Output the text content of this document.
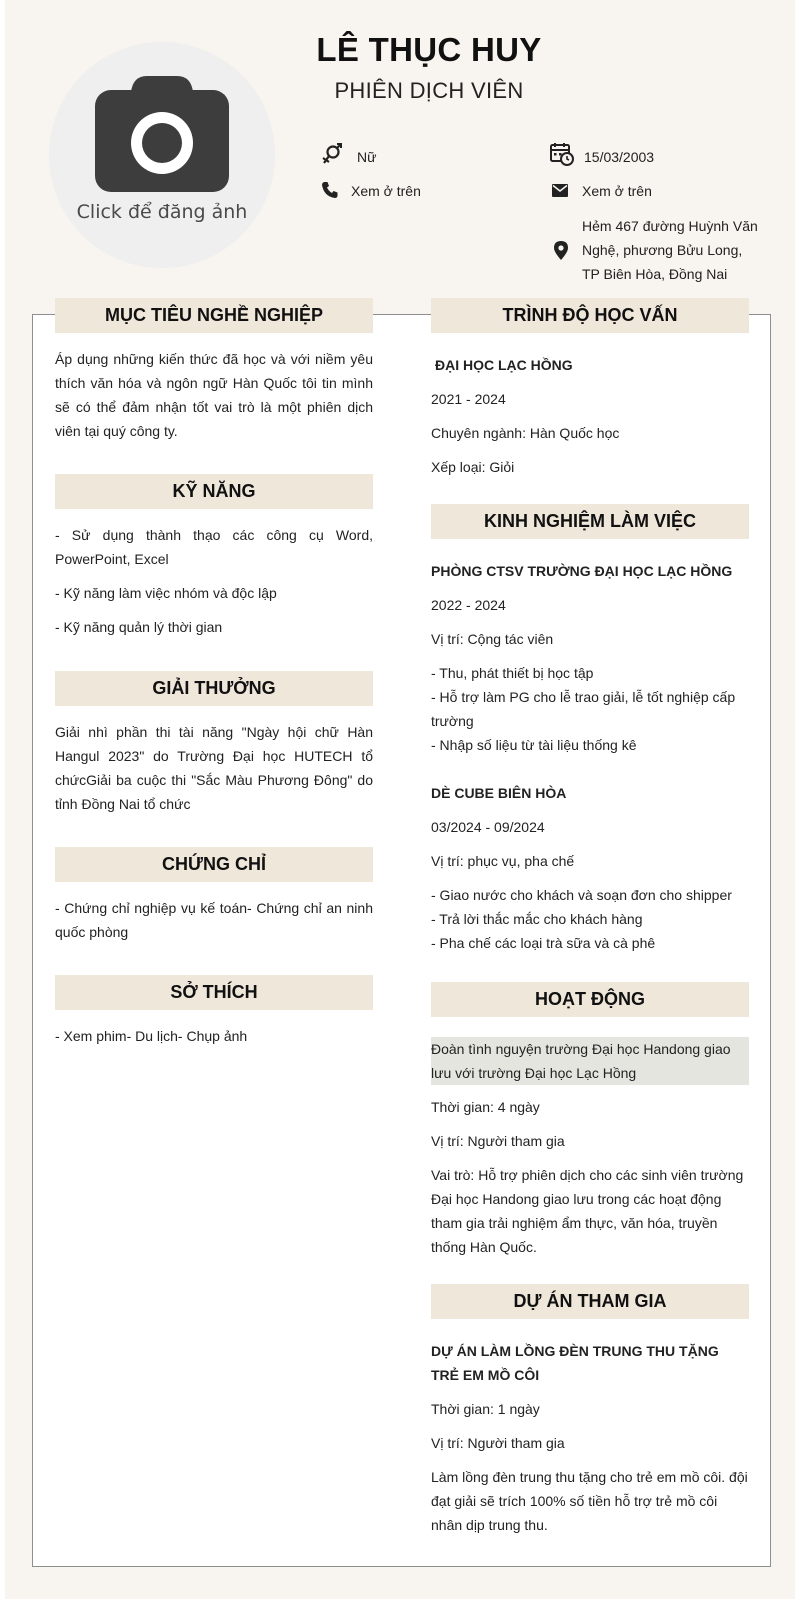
Click để đăng ảnh
LÊ THỤC HUY
PHIÊN DỊCH VIÊN
Nữ	15/03/2003
Xem ở trên	Xem ở trên
Hẻm 467 đường Huỳnh Văn Nghệ, phương Bửu Long, TP Biên Hòa, Đồng Nai
MỤC TIÊU NGHỀ NGHIỆP
Áp dụng những kiến thức đã học và với niềm yêu thích văn hóa và ngôn ngữ Hàn Quốc tôi tin mình sẽ có thể đảm nhận tốt vai trò là một phiên dịch viên tại quý công ty.
KỸ NĂNG
- Sử dụng thành thạo các công cụ Word, PowerPoint, Excel
- Kỹ năng làm việc nhóm và độc lập
- Kỹ năng quản lý thời gian
GIẢI THƯỞNG
Giải nhì phần thi tài năng "Ngày hội chữ Hàn Hangul 2023" do Trường Đại học HUTECH tổ chứcGiải ba cuộc thi "Sắc Màu Phương Đông" do tỉnh Đồng Nai tổ chức
CHỨNG CHỈ
- Chứng chỉ nghiệp vụ kế toán- Chứng chỉ an ninh quốc phòng
SỞ THÍCH
- Xem phim- Du lịch- Chụp ảnh
TRÌNH ĐỘ HỌC VẤN
ĐẠI HỌC LẠC HỒNG
2021 - 2024
Chuyên ngành: Hàn Quốc học
Xếp loại: Giỏi
KINH NGHIỆM LÀM VIỆC
PHÒNG CTSV TRƯỜNG ĐẠI HỌC LẠC HỒNG
2022 - 2024
Vị trí: Cộng tác viên
- Thu, phát thiết bị học tập
- Hỗ trợ làm PG cho lễ trao giải, lễ tốt nghiệp cấp trường
- Nhập số liệu từ tài liệu thống kê
DÈ CUBE BIÊN HÒA
03/2024 - 09/2024
Vị trí: phục vụ, pha chế
- Giao nước cho khách và soạn đơn cho shipper
- Trả lời thắc mắc cho khách hàng
- Pha chế các loại trà sữa và cà phê
HOẠT ĐỘNG
Đoàn tình nguyện trường Đại học Handong giao lưu với trường Đại học Lạc Hồng
Thời gian: 4 ngày
Vị trí: Người tham gia
Vai trò: Hỗ trợ phiên dịch cho các sinh viên trường Đại học Handong giao lưu trong các hoạt động tham gia trải nghiệm ẩm thực, văn hóa, truyền thống Hàn Quốc.
DỰ ÁN THAM GIA
DỰ ÁN LÀM LỒNG ĐÈN TRUNG THU TẶNG TRẺ EM MỒ CÔI
Thời gian: 1 ngày
Vị trí: Người tham gia
Làm lồng đèn trung thu tặng cho trẻ em mồ côi. đội đạt giải sẽ trích 100% số tiền hỗ trợ trẻ mồ côi nhân dịp trung thu.
